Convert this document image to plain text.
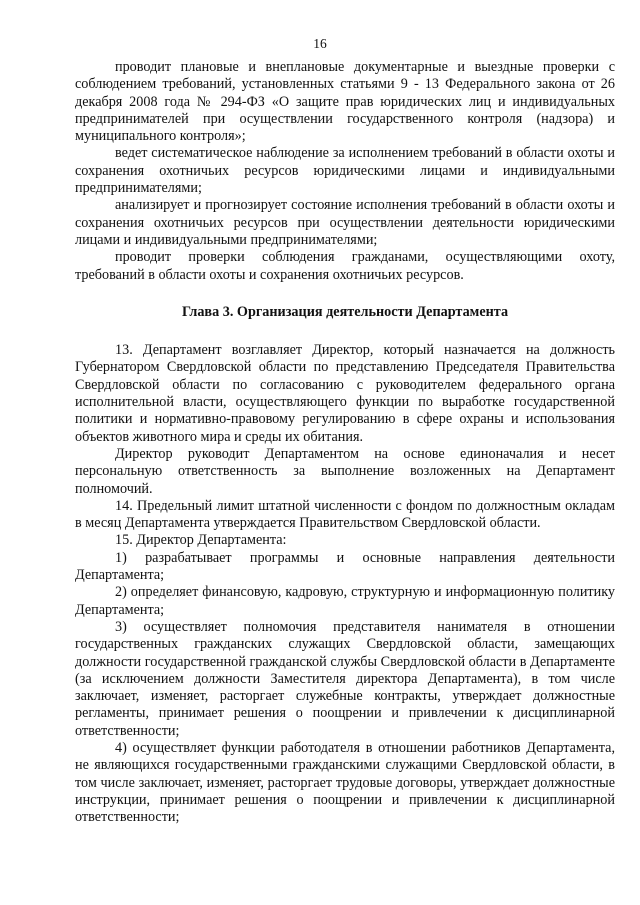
16

проводит плановые и внеплановые документарные и выездные проверки с соблюдением требований, установленных статьями 9 - 13 Федерального закона от 26 декабря 2008 года № 294-ФЗ «О защите прав юридических лиц и индивидуальных предпринимателей при осуществлении государственного контроля (надзора) и муниципального контроля»;

ведет систематическое наблюдение за исполнением требований в области охоты и сохранения охотничьих ресурсов юридическими лицами и индивидуальными предпринимателями;

анализирует и прогнозирует состояние исполнения требований в области охоты и сохранения охотничьих ресурсов при осуществлении деятельности юридическими лицами и индивидуальными предпринимателями;

проводит проверки соблюдения гражданами, осуществляющими охоту, требований в области охоты и сохранения охотничьих ресурсов.

Глава 3. Организация деятельности Департамента

13. Департамент возглавляет Директор, который назначается на должность Губернатором Свердловской области по представлению Председателя Правительства Свердловской области по согласованию с руководителем федерального органа исполнительной власти, осуществляющего функции по выработке государственной политики и нормативно-правовому регулированию в сфере охраны и использования объектов животного мира и среды их обитания.

Директор руководит Департаментом на основе единоначалия и несет персональную ответственность за выполнение возложенных на Департамент полномочий.

14. Предельный лимит штатной численности с фондом по должностным окладам в месяц Департамента утверждается Правительством Свердловской области.

15. Директор Департамента:

1) разрабатывает программы и основные направления деятельности Департамента;

2) определяет финансовую, кадровую, структурную и информационную политику Департамента;

3) осуществляет полномочия представителя нанимателя в отношении государственных гражданских служащих Свердловской области, замещающих должности государственной гражданской службы Свердловской области в Департаменте (за исключением должности Заместителя директора Департамента), в том числе заключает, изменяет, расторгает служебные контракты, утверждает должностные регламенты, принимает решения о поощрении и привлечении к дисциплинарной ответственности;

4) осуществляет функции работодателя в отношении работников Департамента, не являющихся государственными гражданскими служащими Свердловской области, в том числе заключает, изменяет, расторгает трудовые договоры, утверждает должностные инструкции, принимает решения о поощрении и привлечении к дисциплинарной ответственности;
